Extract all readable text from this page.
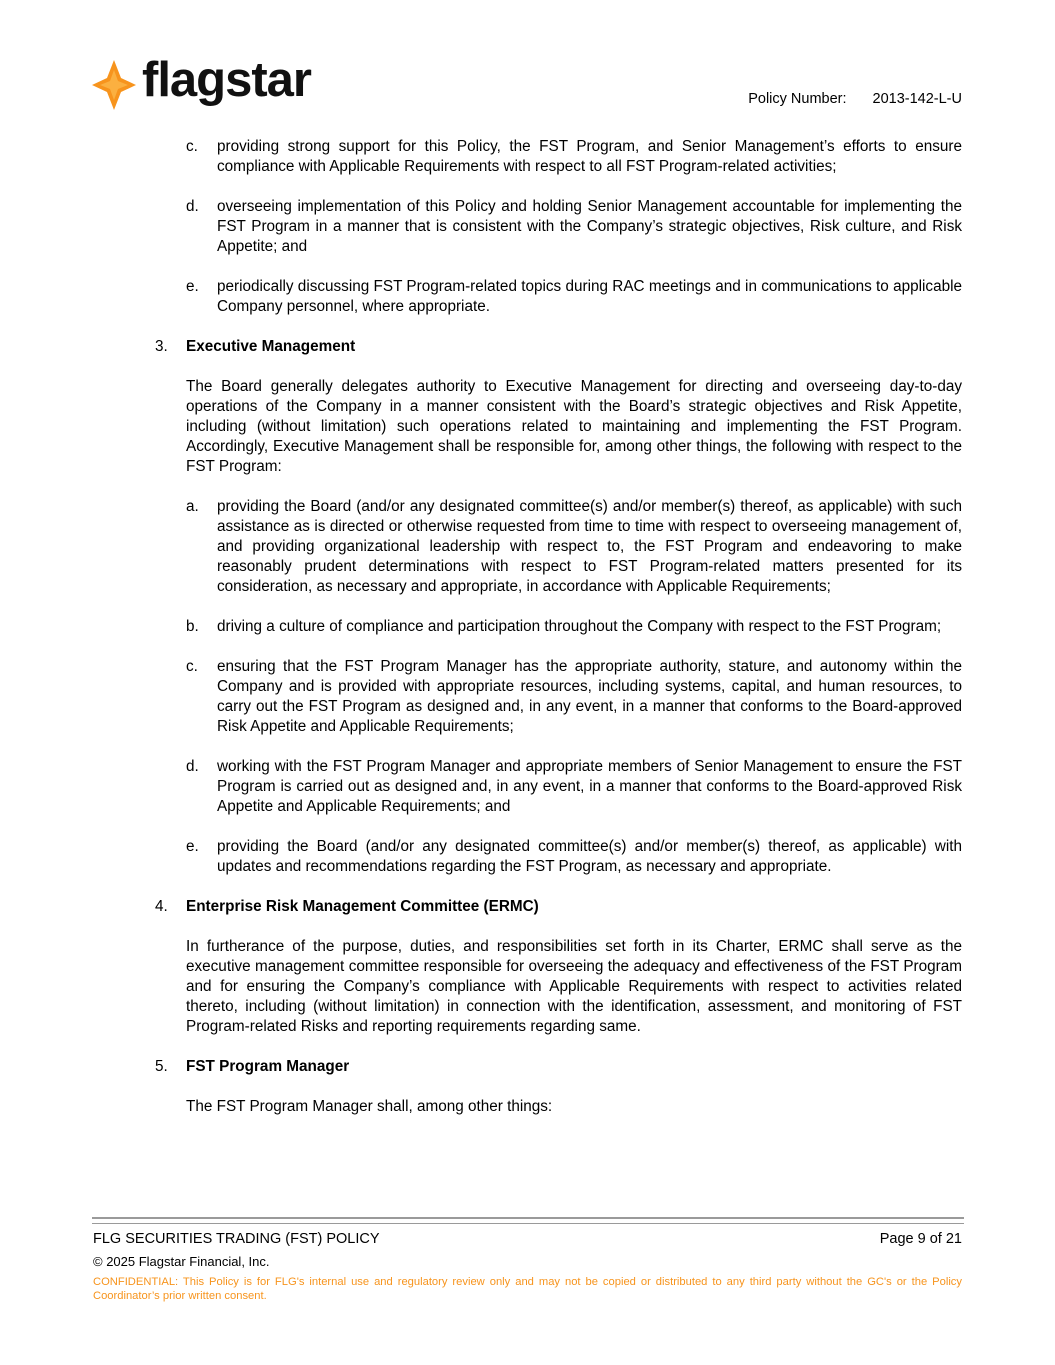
flagstar	Policy Number: 2013-142-L-U
c. providing strong support for this Policy, the FST Program, and Senior Management’s efforts to ensure compliance with Applicable Requirements with respect to all FST Program-related activities;
d. overseeing implementation of this Policy and holding Senior Management accountable for implementing the FST Program in a manner that is consistent with the Company’s strategic objectives, Risk culture, and Risk Appetite; and
e. periodically discussing FST Program-related topics during RAC meetings and in communications to applicable Company personnel, where appropriate.
3. Executive Management
The Board generally delegates authority to Executive Management for directing and overseeing day-to-day operations of the Company in a manner consistent with the Board’s strategic objectives and Risk Appetite, including (without limitation) such operations related to maintaining and implementing the FST Program. Accordingly, Executive Management shall be responsible for, among other things, the following with respect to the FST Program:
a. providing the Board (and/or any designated committee(s) and/or member(s) thereof, as applicable) with such assistance as is directed or otherwise requested from time to time with respect to overseeing management of, and providing organizational leadership with respect to, the FST Program and endeavoring to make reasonably prudent determinations with respect to FST Program-related matters presented for its consideration, as necessary and appropriate, in accordance with Applicable Requirements;
b. driving a culture of compliance and participation throughout the Company with respect to the FST Program;
c. ensuring that the FST Program Manager has the appropriate authority, stature, and autonomy within the Company and is provided with appropriate resources, including systems, capital, and human resources, to carry out the FST Program as designed and, in any event, in a manner that conforms to the Board-approved Risk Appetite and Applicable Requirements;
d. working with the FST Program Manager and appropriate members of Senior Management to ensure the FST Program is carried out as designed and, in any event, in a manner that conforms to the Board-approved Risk Appetite and Applicable Requirements; and
e. providing the Board (and/or any designated committee(s) and/or member(s) thereof, as applicable) with updates and recommendations regarding the FST Program, as necessary and appropriate.
4. Enterprise Risk Management Committee (ERMC)
In furtherance of the purpose, duties, and responsibilities set forth in its Charter, ERMC shall serve as the executive management committee responsible for overseeing the adequacy and effectiveness of the FST Program and for ensuring the Company’s compliance with Applicable Requirements with respect to activities related thereto, including (without limitation) in connection with the identification, assessment, and monitoring of FST Program-related Risks and reporting requirements regarding same.
5. FST Program Manager
The FST Program Manager shall, among other things:
FLG SECURITIES TRADING (FST) POLICY	Page 9 of 21
© 2025 Flagstar Financial, Inc.
CONFIDENTIAL: This Policy is for FLG's internal use and regulatory review only and may not be copied or distributed to any third party without the GC's or the Policy Coordinator’s prior written consent.
